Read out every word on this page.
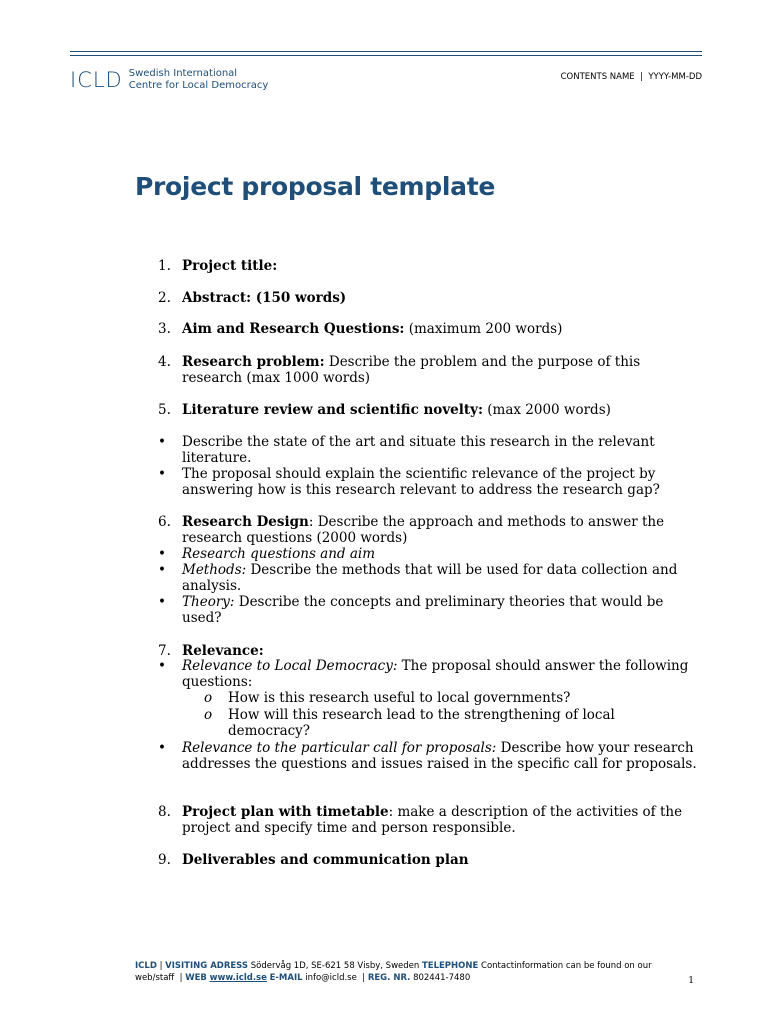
ICLD Swedish International
Centre for Local Democracy
CONTENTS NAME  |  YYYY-MM-DD
Project proposal template
1. Project title:
2. Abstract: (150 words)
3. Aim and Research Questions: (maximum 200 words)
4. Research problem: Describe the problem and the purpose of this research (max 1000 words)
5. Literature review and scientific novelty: (max 2000 words)
•	Describe the state of the art and situate this research in the relevant literature.
•	The proposal should explain the scientific relevance of the project by answering how is this research relevant to address the research gap?
6. Research Design: Describe the approach and methods to answer the research questions (2000 words)
•	Research questions and aim
•	Methods: Describe the methods that will be used for data collection and analysis.
•	Theory: Describe the concepts and preliminary theories that would be used?
7. Relevance:
•	Relevance to Local Democracy: The proposal should answer the following questions:
o	How is this research useful to local governments?
o	How will this research lead to the strengthening of local democracy?
•	Relevance to the particular call for proposals: Describe how your research addresses the questions and issues raised in the specific call for proposals.
8. Project plan with timetable: make a description of the activities of the project and specify time and person responsible.
9. Deliverables and communication plan
ICLD | VISITING ADRESS Södervåg 1D, SE-621 58 Visby, Sweden TELEPHONE Contactinformation can be found on our web/staff  | WEB www.icld.se E-MAIL info@icld.se  | REG. NR. 802441-7480	1
